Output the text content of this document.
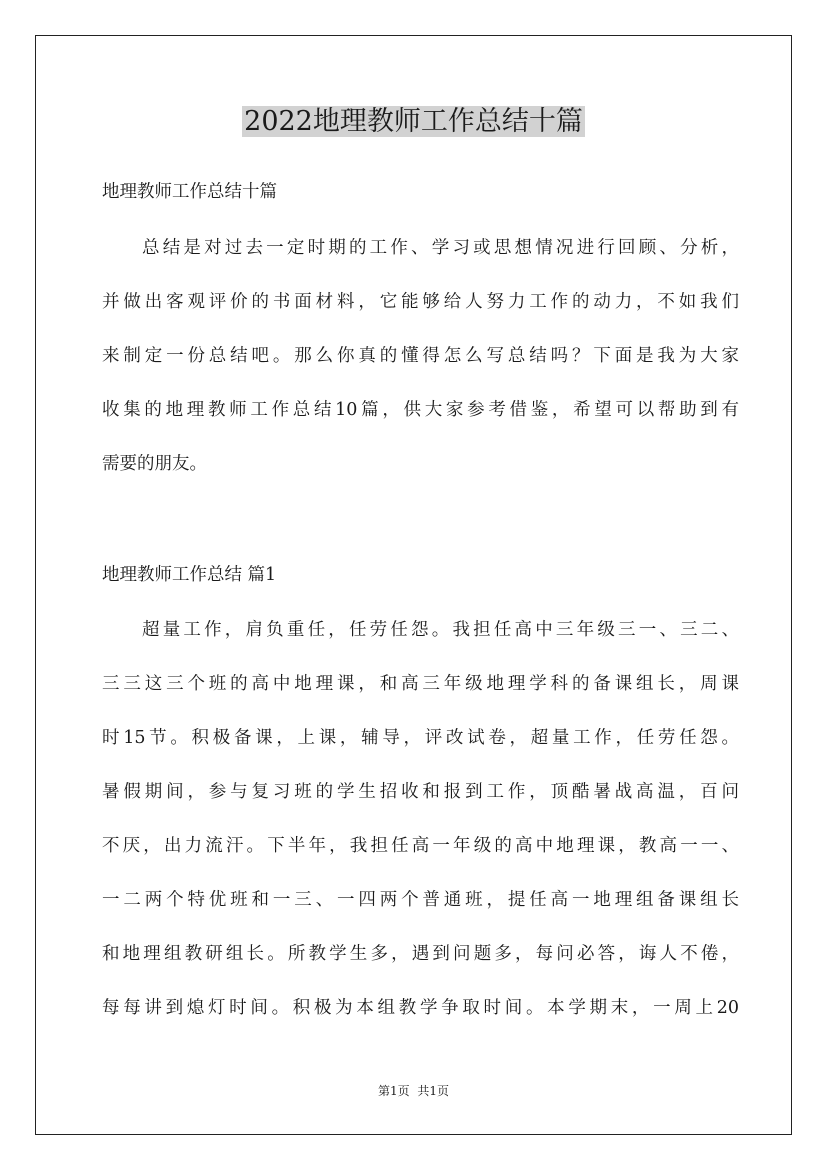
2022地理教师工作总结十篇
地理教师工作总结十篇
总结是对过去一定时期的工作、学习或思想情况进行回顾、分析，
并做出客观评价的书面材料，它能够给人努力工作的动力，不如我们
来制定一份总结吧。那么你真的懂得怎么写总结吗？下面是我为大家
收集的地理教师工作总结10篇，供大家参考借鉴，希望可以帮助到有
需要的朋友。
地理教师工作总结 篇1
超量工作，肩负重任，任劳任怨。我担任高中三年级三一、三二、
三三这三个班的高中地理课，和高三年级地理学科的备课组长，周课
时15节。积极备课，上课，辅导，评改试卷，超量工作，任劳任怨。
暑假期间，参与复习班的学生招收和报到工作，顶酷暑战高温，百问
不厌，出力流汗。下半年，我担任高一年级的高中地理课，教高一一、
一二两个特优班和一三、一四两个普通班，提任高一地理组备课组长
和地理组教研组长。所教学生多，遇到问题多，每问必答，诲人不倦，
每每讲到熄灯时间。积极为本组教学争取时间。本学期末，一周上20
第1页 共1页
